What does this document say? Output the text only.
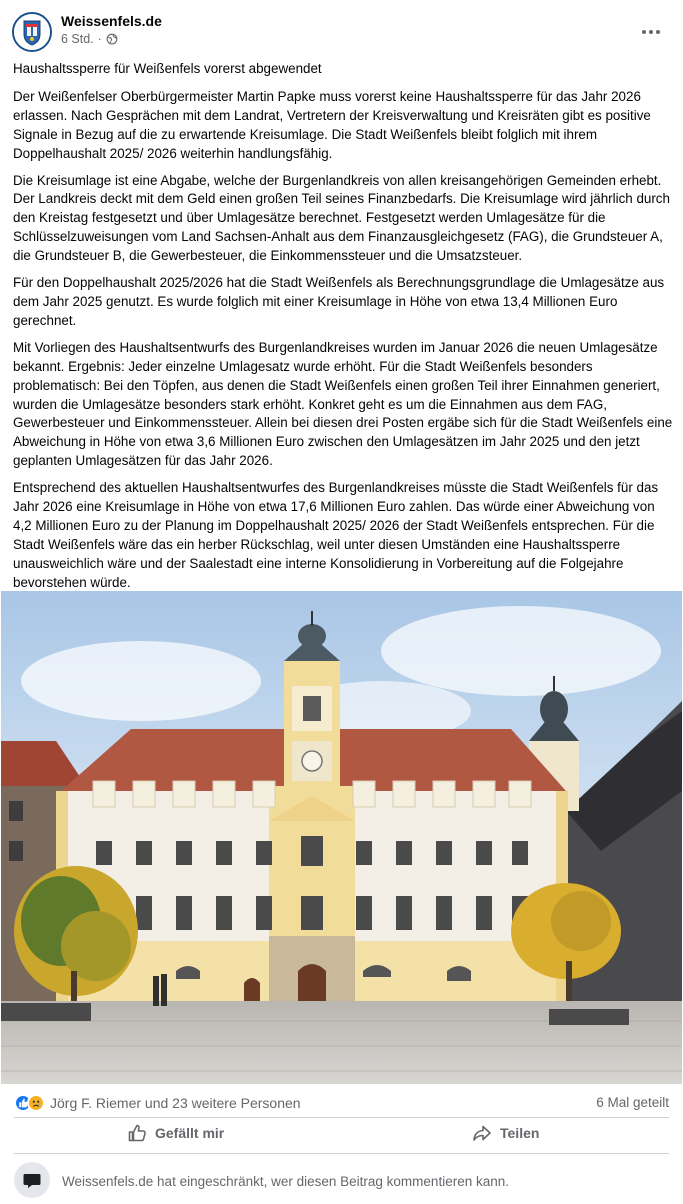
Weissenfels.de
6 Std. ·

Haushaltssperre für Weißenfels vorerst abgewendet

Der Weißenfelser Oberbürgermeister Martin Papke muss vorerst keine Haushaltssperre für das Jahr 2026 erlassen. Nach Gesprächen mit dem Landrat, Vertretern der Kreisverwaltung und Kreisräten gibt es positive Signale in Bezug auf die zu erwartende Kreisumlage. Die Stadt Weißenfels bleibt folglich mit ihrem Doppelhaushalt 2025/ 2026 weiterhin handlungsfähig.

Die Kreisumlage ist eine Abgabe, welche der Burgenlandkreis von allen kreisangehörigen Gemeinden erhebt. Der Landkreis deckt mit dem Geld einen großen Teil seines Finanzbedarfs. Die Kreisumlage wird jährlich durch den Kreistag festgesetzt und über Umlagesätze berechnet. Festgesetzt werden Umlagesätze für die Schlüsselzuweisungen vom Land Sachsen-Anhalt aus dem Finanzausgleichgesetz (FAG), die Grundsteuer A, die Grundsteuer B, die Gewerbesteuer, die Einkommenssteuer und die Umsatzsteuer.

Für den Doppelhaushalt 2025/2026 hat die Stadt Weißenfels als Berechnungsgrundlage die Umlagesätze aus dem Jahr 2025 genutzt. Es wurde folglich mit einer Kreisumlage in Höhe von etwa 13,4 Millionen Euro gerechnet.

Mit Vorliegen des Haushaltsentwurfs des Burgenlandkreises wurden im Januar 2026 die neuen Umlagesätze bekannt. Ergebnis: Jeder einzelne Umlagesatz wurde erhöht. Für die Stadt Weißenfels besonders problematisch: Bei den Töpfen, aus denen die Stadt Weißenfels einen großen Teil ihrer Einnahmen generiert, wurden die Umlagesätze besonders stark erhöht. Konkret geht es um die Einnahmen aus dem FAG, Gewerbesteuer und Einkommenssteuer. Allein bei diesen drei Posten ergäbe sich für die Stadt Weißenfels eine Abweichung in Höhe von etwa 3,6 Millionen Euro zwischen den Umlagesätzen im Jahr 2025 und den jetzt geplanten Umlagesätzen für das Jahr 2026.

Entsprechend des aktuellen Haushaltsentwurfes des Burgenlandkreises müsste die Stadt Weißenfels für das Jahr 2026 eine Kreisumlage in Höhe von etwa 17,6 Millionen Euro zahlen. Das würde einer Abweichung von 4,2 Millionen Euro zu der Planung im Doppelhaushalt 2025/ 2026 der Stadt Weißenfels entsprechen. Für die Stadt Weißenfels wäre das ein herber Rückschlag, weil unter diesen Umständen eine Haushaltssperre unausweichlich wäre und der Saalestadt eine interne Konsolidierung in Vorbereitung auf die Folgejahre bevorstehen würde.

Jörg F. Riemer und 23 weitere Personen	6 Mal geteilt
Gefällt mir	Teilen
Weissenfels.de hat eingeschränkt, wer diesen Beitrag kommentieren kann.
